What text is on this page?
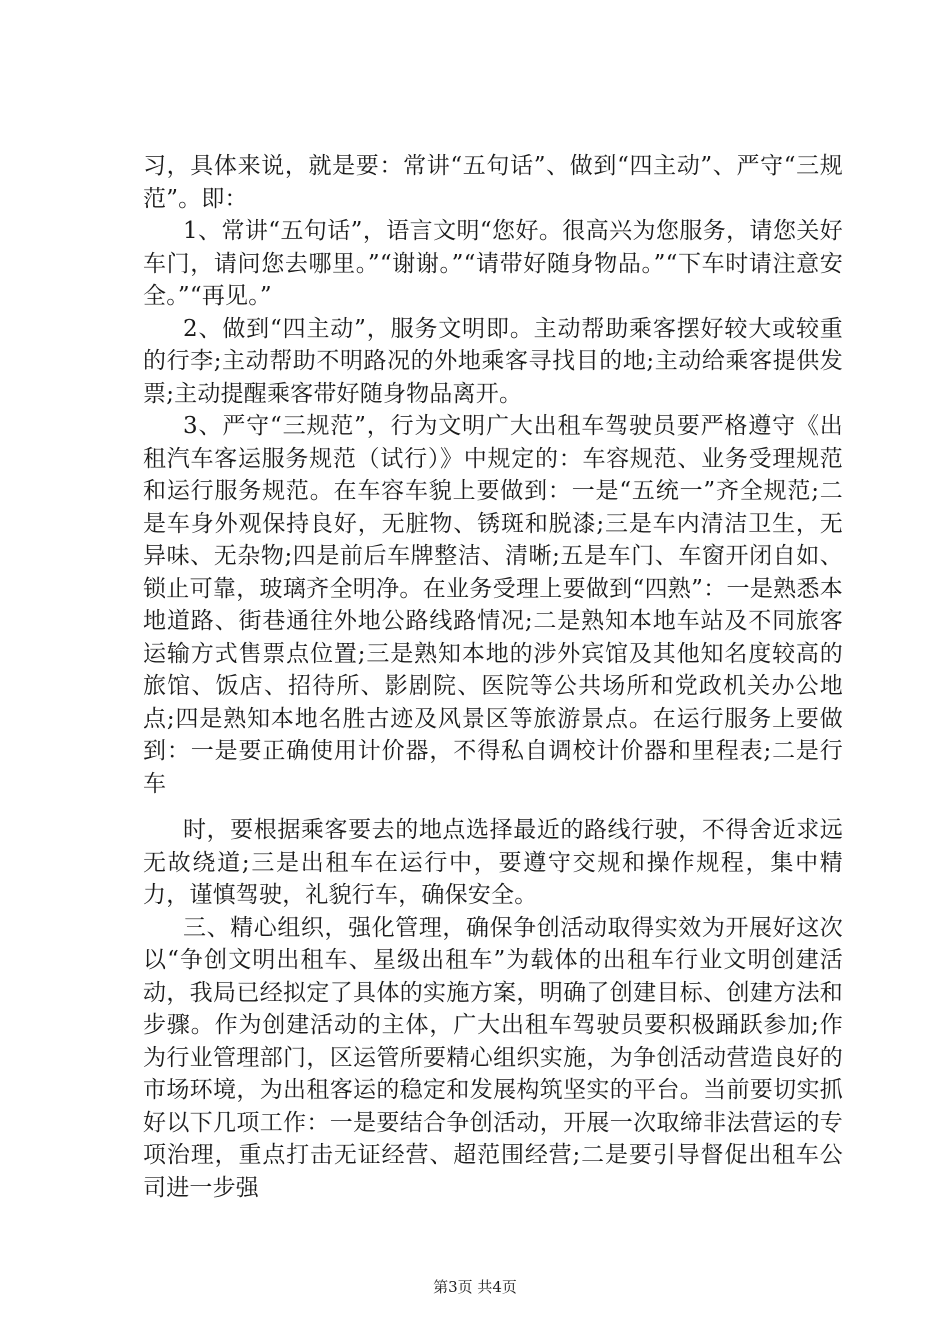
习，具体来说，就是要：常讲“五句话”、做到“四主动”、严守“三规范”。即：

1、常讲“五句话”，语言文明“您好。很高兴为您服务，请您关好车门，请问您去哪里。”“谢谢。”“请带好随身物品。”“下车时请注意安全。”“再见。”

2、做到“四主动”，服务文明即。主动帮助乘客摆好较大或较重的行李;主动帮助不明路况的外地乘客寻找目的地;主动给乘客提供发票;主动提醒乘客带好随身物品离开。

3、严守“三规范”，行为文明广大出租车驾驶员要严格遵守《出租汽车客运服务规范（试行）》中规定的：车容规范、业务受理规范和运行服务规范。在车容车貌上要做到：一是“五统一”齐全规范;二是车身外观保持良好，无脏物、锈斑和脱漆;三是车内清洁卫生，无异味、无杂物;四是前后车牌整洁、清晰;五是车门、车窗开闭自如、锁止可靠，玻璃齐全明净。在业务受理上要做到“四熟”：一是熟悉本地道路、街巷通往外地公路线路情况;二是熟知本地车站及不同旅客运输方式售票点位置;三是熟知本地的涉外宾馆及其他知名度较高的旅馆、饭店、招待所、影剧院、医院等公共场所和党政机关办公地点;四是熟知本地名胜古迹及风景区等旅游景点。在运行服务上要做到：一是要正确使用计价器，不得私自调校计价器和里程表;二是行车

时，要根据乘客要去的地点选择最近的路线行驶，不得舍近求远无故绕道;三是出租车在运行中，要遵守交规和操作规程，集中精力，谨慎驾驶，礼貌行车，确保安全。

三、精心组织，强化管理，确保争创活动取得实效为开展好这次以“争创文明出租车、星级出租车”为载体的出租车行业文明创建活动，我局已经拟定了具体的实施方案，明确了创建目标、创建方法和步骤。作为创建活动的主体，广大出租车驾驶员要积极踊跃参加;作为行业管理部门，区运管所要精心组织实施，为争创活动营造良好的市场环境，为出租客运的稳定和发展构筑坚实的平台。当前要切实抓好以下几项工作：一是要结合争创活动，开展一次取缔非法营运的专项治理，重点打击无证经营、超范围经营;二是要引导督促出租车公司进一步强

第3页 共4页
